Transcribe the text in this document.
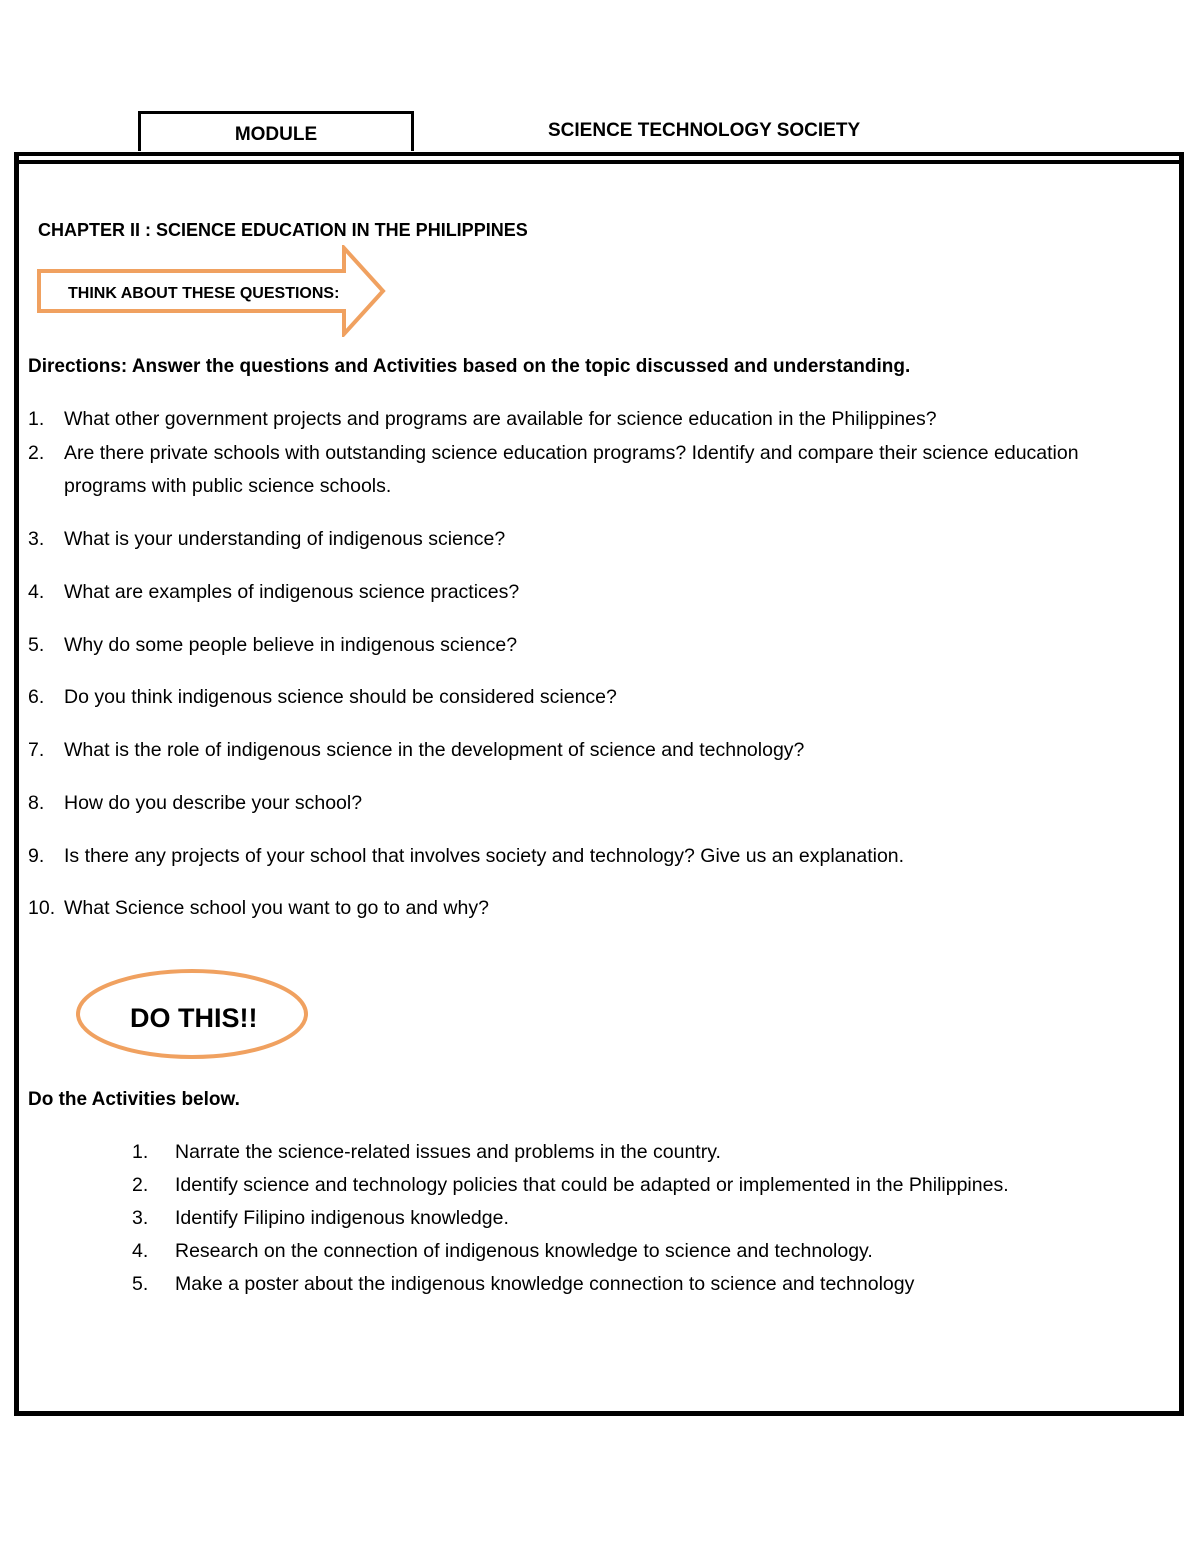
MODULE	SCIENCE TECHNOLOGY SOCIETY
CHAPTER II : SCIENCE EDUCATION IN THE PHILIPPINES
THINK ABOUT THESE QUESTIONS:
Directions: Answer the questions and Activities based on the topic discussed and understanding.
1. What other government projects and programs are available for science education in the Philippines?
2. Are there private schools with outstanding science education programs? Identify and compare their science education programs with public science schools.
3. What is your understanding of indigenous science?
4. What are examples of indigenous science practices?
5. Why do some people believe in indigenous science?
6. Do you think indigenous science should be considered science?
7. What is the role of indigenous science in the development of science and technology?
8. How do you describe your school?
9. Is there any projects of your school that involves society and technology? Give us an explanation.
10. What Science school you want to go to and why?
DO THIS!!
Do the Activities below.
1. Narrate the science-related issues and problems in the country.
2. Identify science and technology policies that could be adapted or implemented in the Philippines.
3. Identify Filipino indigenous knowledge.
4. Research on the connection of indigenous knowledge to science and technology.
5. Make a poster about the indigenous knowledge connection to science and technology
